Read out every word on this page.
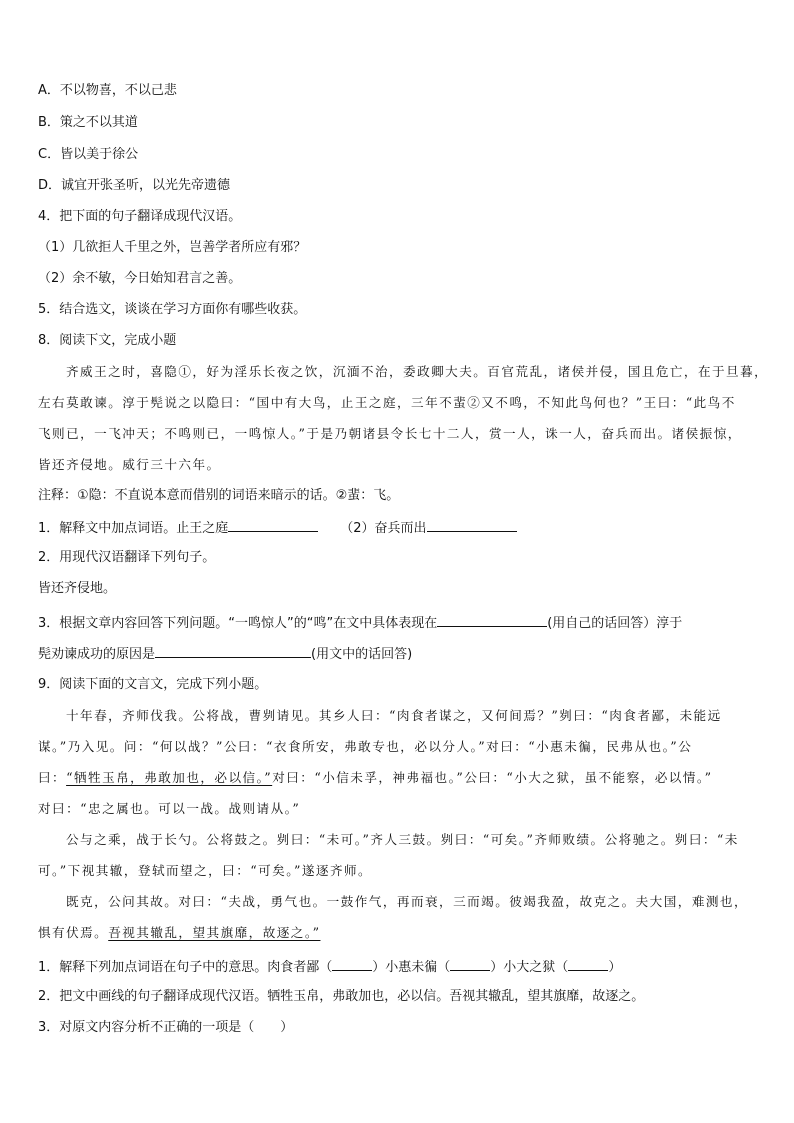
A．不以物喜，不以己悲
B．策之不以其道
C．皆以美于徐公
D．诚宜开张圣听，以光先帝遗德
4．把下面的句子翻译成现代汉语。
（1）几欲拒人千里之外，岂善学者所应有邪？
（2）余不敏，今日始知君言之善。
5．结合选文，谈谈在学习方面你有哪些收获。
8．阅读下文，完成小题
齐威王之时，喜隐①，好为淫乐长夜之饮，沉湎不治，委政卿大夫。百官荒乱，诸侯并侵，国且危亡，在于旦暮，
左右莫敢谏。淳于髡说之以隐曰：“国中有大鸟，止王之庭，三年不蜚②又不鸣，不知此鸟何也？”王曰：“此鸟不
飞则已，一飞冲天；不鸣则已，一鸣惊人。”于是乃朝诸县令长七十二人，赏一人，诛一人，奋兵而出。诸侯振惊，
皆还齐侵地。威行三十六年。
注释：①隐：不直说本意而借别的词语来暗示的话。②蜚：飞。
1．解释文中加点词语。止王之庭	（2）奋兵而出
2．用现代汉语翻译下列句子。
皆还齐侵地。
3．根据文章内容回答下列问题。“一鸣惊人”的“鸣”在文中具体表现在	(用自己的话回答）淳于
髡劝谏成功的原因是	(用文中的话回答)
9．阅读下面的文言文，完成下列小题。
十年春，齐师伐我。公将战，曹刿请见。其乡人曰：“肉食者谋之，又何间焉？”刿曰：“肉食者鄙，未能远
谋。”乃入见。问：“何以战？”公曰：“衣食所安，弗敢专也，必以分人。”对曰：“小惠未徧，民弗从也。”公
曰：“牺牲玉帛，弗敢加也，必以信。”对曰：“小信未孚，神弗福也。”公曰：“小大之狱，虽不能察，必以情。”
对曰：“忠之属也。可以一战。战则请从。”
公与之乘，战于长勺。公将鼓之。刿曰：“未可。”齐人三鼓。刿曰：“可矣。”齐师败绩。公将驰之。刿曰：“未
可。”下视其辙，登轼而望之，曰：“可矣。”遂逐齐师。
既克，公问其故。对曰：“夫战，勇气也。一鼓作气，再而衰，三而竭。彼竭我盈，故克之。夫大国，难测也，
惧有伏焉。吾视其辙乱，望其旗靡，故逐之。”
1．解释下列加点词语在句子中的意思。肉食者鄙（	）小惠未徧（	）小大之狱（	）
2．把文中画线的句子翻译成现代汉语。牺牲玉帛，弗敢加也，必以信。吾视其辙乱，望其旗靡，故逐之。
3．对原文内容分析不正确的一项是（　　）
